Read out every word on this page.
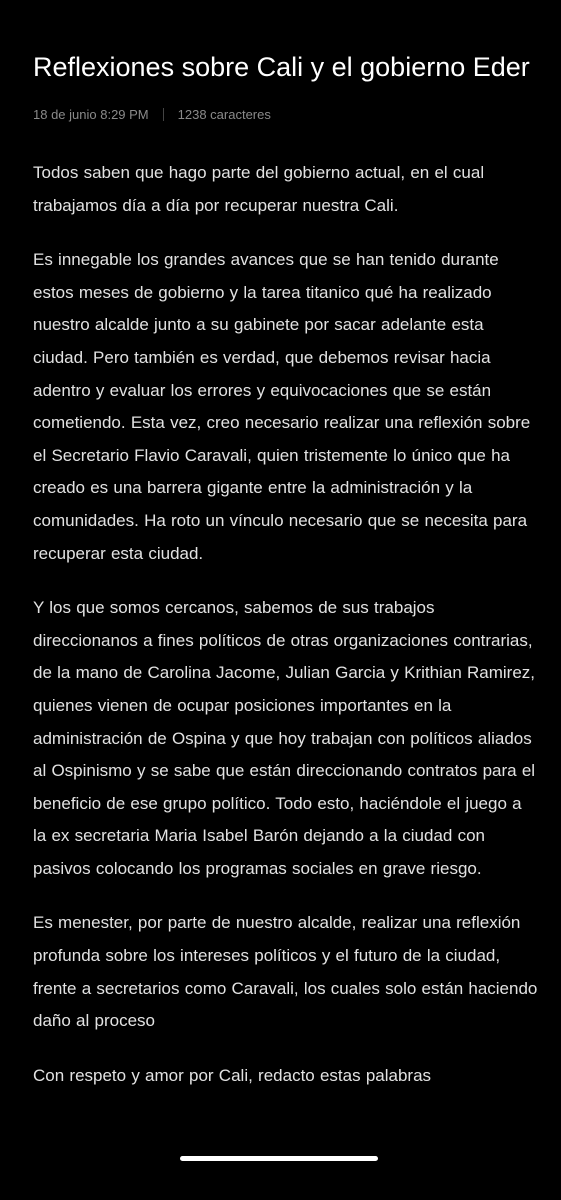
Reflexiones sobre Cali y el gobierno Eder
18 de junio 8:29 PM 1238 caracteres

Todos saben que hago parte del gobierno actual, en el cual trabajamos día a día por recuperar nuestra Cali.

Es innegable los grandes avances que se han tenido durante estos meses de gobierno y la tarea titanico qué ha realizado nuestro alcalde junto a su gabinete por sacar adelante esta ciudad. Pero también es verdad, que debemos revisar hacia adentro y evaluar los errores y equivocaciones que se están cometiendo. Esta vez, creo necesario realizar una reflexión sobre el Secretario Flavio Caravali, quien tristemente lo único que ha creado es una barrera gigante entre la administración y la comunidades. Ha roto un vínculo necesario que se necesita para recuperar esta ciudad.

Y los que somos cercanos, sabemos de sus trabajos direccionanos a fines políticos de otras organizaciones contrarias, de la mano de Carolina Jacome, Julian Garcia y Krithian Ramirez, quienes vienen de ocupar posiciones importantes en la administración de Ospina y que hoy trabajan con políticos aliados al Ospinismo y se sabe que están direccionando contratos para el beneficio de ese grupo político. Todo esto, haciéndole el juego a la ex secretaria Maria Isabel Barón dejando a la ciudad con pasivos colocando los programas sociales en grave riesgo.

Es menester, por parte de nuestro alcalde, realizar una reflexión profunda sobre los intereses políticos y el futuro de la ciudad, frente a secretarios como Caravali, los cuales solo están haciendo daño al proceso

Con respeto y amor por Cali, redacto estas palabras
